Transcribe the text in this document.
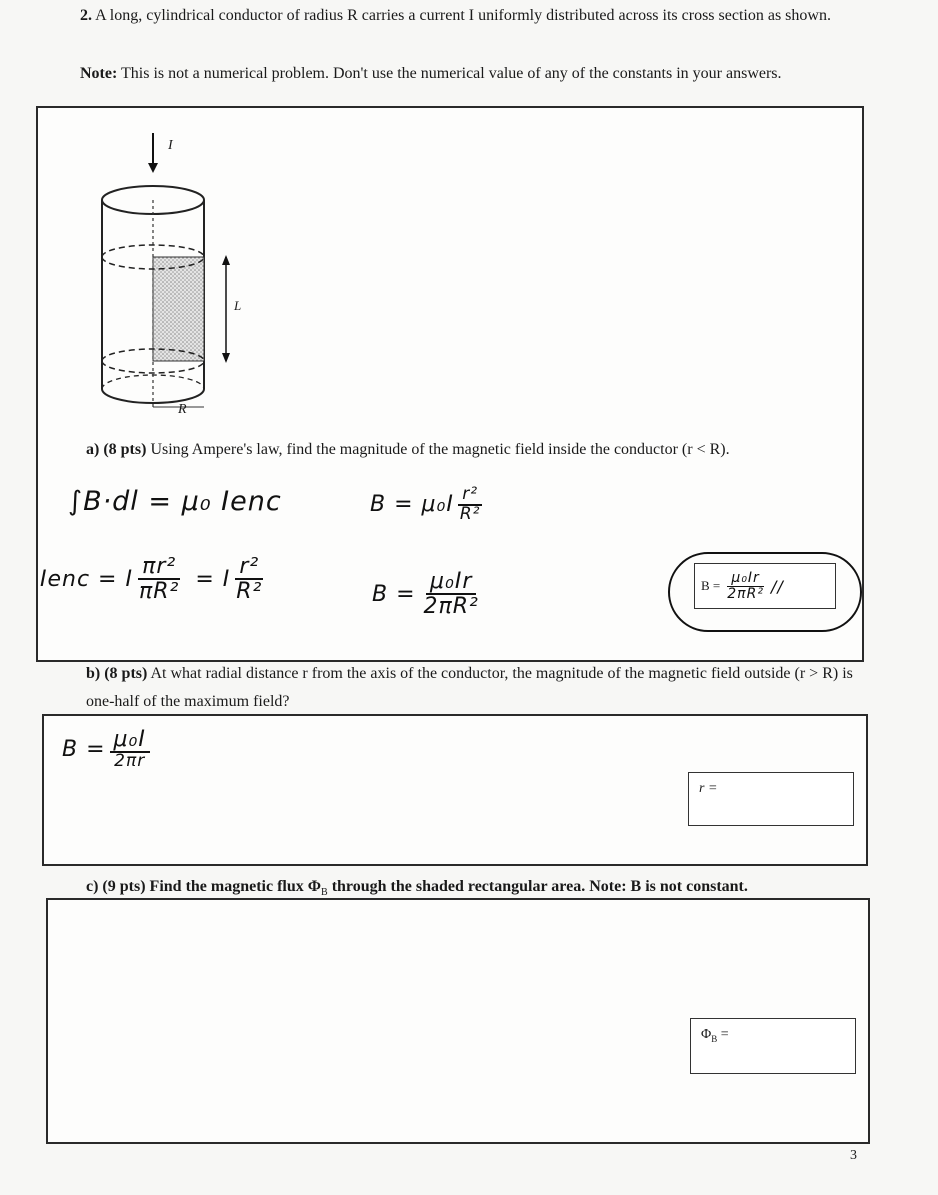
2. A long, cylindrical conductor of radius R carries a current I uniformly distributed across its cross section as shown.
Note: This is not a numerical problem. Don't use the numerical value of any of the constants in your answers.
I
L
R
a) (8 pts) Using Ampere's law, find the magnitude of the magnetic field inside the conductor (r < R).
∫B·dl = μ₀ Ienc
Ienc = I $\frac{\text{πr²}}{\text{πR²}} = I \frac{\text{r²}}{\text{R²}}$
$B = \mu_0I \frac{\text{r²}}{\text{R²}}$
$B = \frac{\text{μ₀Ir}}{\text{2πR²}}$	$B = \frac{\text{μ₀Ir}}{\text{2πR²}}$ //
b) (8 pts) At what radial distance r from the axis of the conductor, the magnitude of the magnetic field outside (r > R) is one-half of the maximum field?
$B = \frac{\text{μ₀I}}{2\pi r}$
r =
c) (9 pts) Find the magnetic flux $\Phi_B$ through the shaded rectangular area. Note: B is not constant.
$\Phi_B$ =
3
